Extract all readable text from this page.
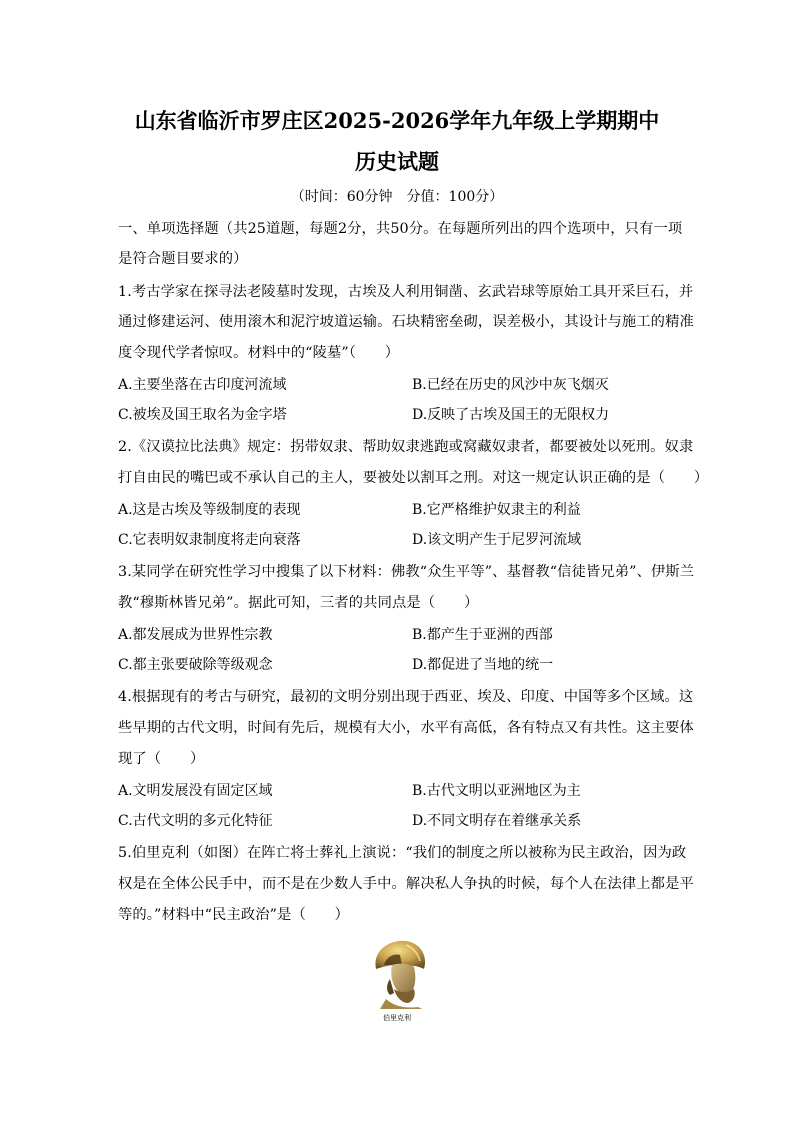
山东省临沂市罗庄区2025-2026学年九年级上学期期中
历史试题
（时间：60分钟　分值：100分）
一、单项选择题（共25道题，每题2分，共50分。在每题所列出的四个选项中，只有一项
是符合题目要求的）
1.考古学家在探寻法老陵墓时发现，古埃及人利用铜凿、玄武岩球等原始工具开采巨石，并
通过修建运河、使用滚木和泥泞坡道运输。石块精密垒砌，误差极小，其设计与施工的精准
度令现代学者惊叹。材料中的“陵墓”（　　）
A.主要坐落在古印度河流域	B.已经在历史的风沙中灰飞烟灭
C.被埃及国王取名为金字塔	D.反映了古埃及国王的无限权力
2.《汉谟拉比法典》规定：拐带奴隶、帮助奴隶逃跑或窝藏奴隶者，都要被处以死刑。奴隶
打自由民的嘴巴或不承认自己的主人，要被处以割耳之刑。对这一规定认识正确的是（　　）
A.这是古埃及等级制度的表现	B.它严格维护奴隶主的利益
C.它表明奴隶制度将走向衰落	D.该文明产生于尼罗河流域
3.某同学在研究性学习中搜集了以下材料：佛教“众生平等”、基督教“信徒皆兄弟”、伊斯兰
教“穆斯林皆兄弟”。据此可知，三者的共同点是（　　）
A.都发展成为世界性宗教	B.都产生于亚洲的西部
C.都主张要破除等级观念	D.都促进了当地的统一
4.根据现有的考古与研究，最初的文明分别出现于西亚、埃及、印度、中国等多个区域。这
些早期的古代文明，时间有先后，规模有大小，水平有高低，各有特点又有共性。这主要体
现了（　　）
A.文明发展没有固定区域	B.古代文明以亚洲地区为主
C.古代文明的多元化特征	D.不同文明存在着继承关系
5.伯里克利（如图）在阵亡将士葬礼上演说：“我们的制度之所以被称为民主政治，因为政
权是在全体公民手中，而不是在少数人手中。解决私人争执的时候，每个人在法律上都是平
等的。”材料中“民主政治”是（　　）
伯里克利
